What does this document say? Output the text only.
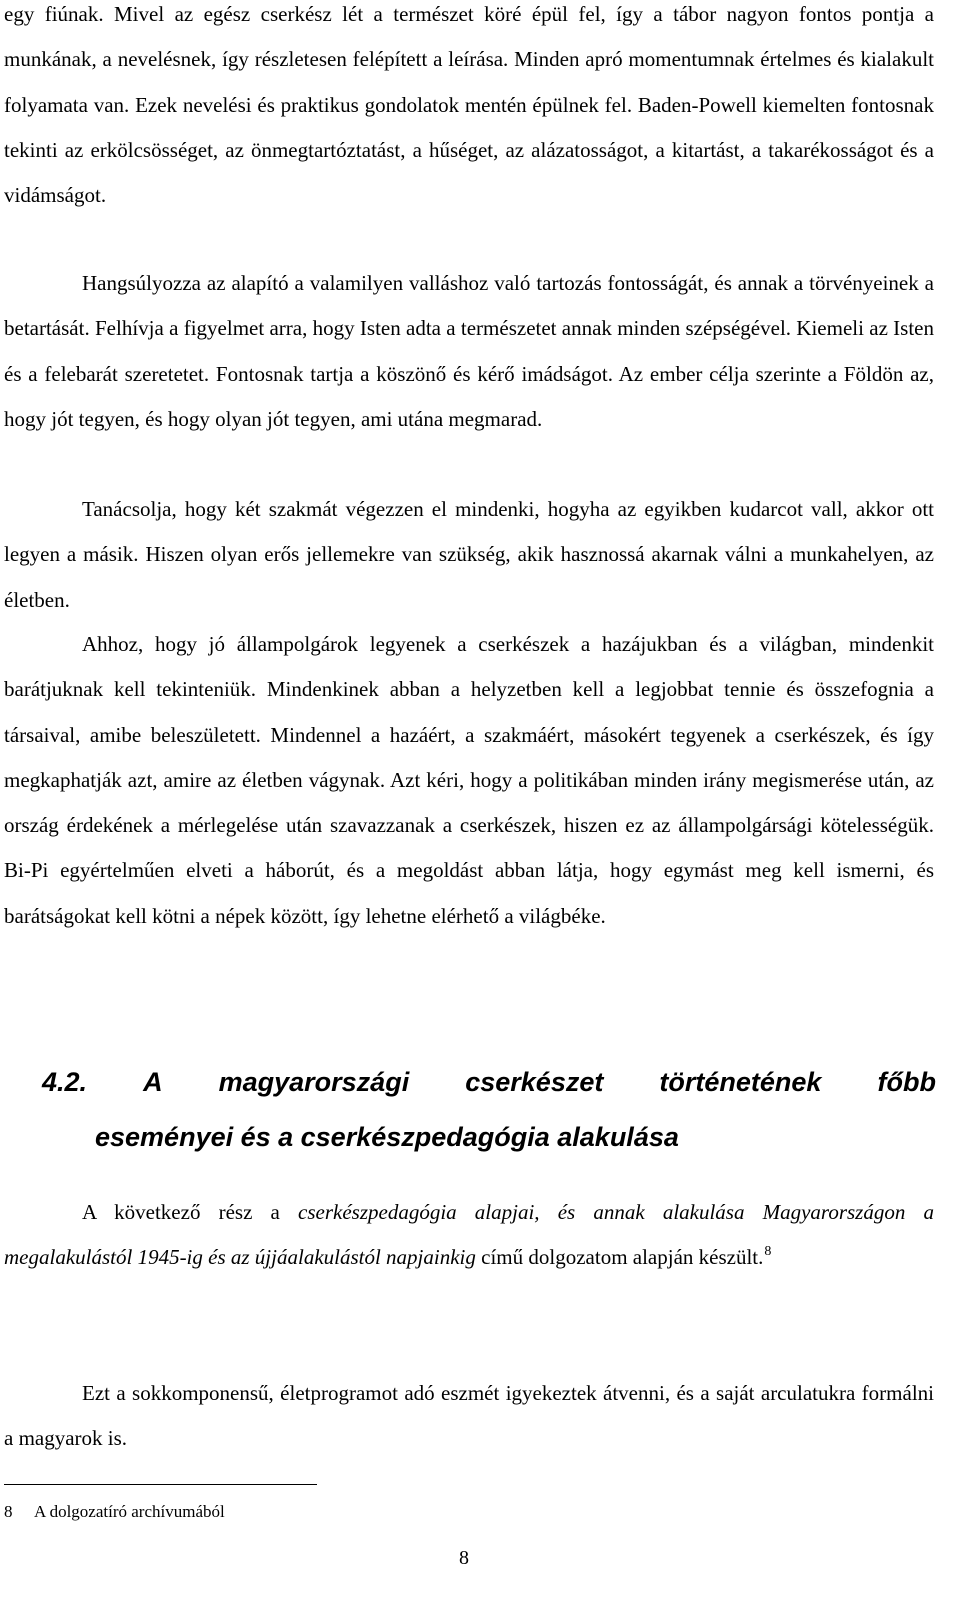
egy fiúnak. Mivel az egész cserkész lét a természet köré épül fel, így a tábor nagyon fontos pontja a munkának, a nevelésnek, így részletesen felépített a leírása. Minden apró momentumnak értelmes és kialakult folyamata van. Ezek nevelési és praktikus gondolatok mentén épülnek fel. Baden-Powell kiemelten fontosnak tekinti az erkölcsösséget, az önmegtartóztatást, a hűséget, az alázatosságot, a kitartást, a takarékosságot és a vidámságot.

Hangsúlyozza az alapító a valamilyen valláshoz való tartozás fontosságát, és annak a törvényeinek a betartását. Felhívja a figyelmet arra, hogy Isten adta a természetet annak minden szépségével. Kiemeli az Isten és a felebarát szeretetet. Fontosnak tartja a köszönő és kérő imádságot. Az ember célja szerinte a Földön az, hogy jót tegyen, és hogy olyan jót tegyen, ami utána megmarad.

Tanácsolja, hogy két szakmát végezzen el mindenki, hogyha az egyikben kudarcot vall, akkor ott legyen a másik. Hiszen olyan erős jellemekre van szükség, akik hasznossá akarnak válni a munkahelyen, az életben.

Ahhoz, hogy jó állampolgárok legyenek a cserkészek a hazájukban és a világban, mindenkit barátjuknak kell tekinteniük. Mindenkinek abban a helyzetben kell a legjobbat tennie és összefognia a társaival, amibe beleszületett. Mindennel a hazáért, a szakmáért, másokért tegyenek a cserkészek, és így megkaphatják azt, amire az életben vágynak. Azt kéri, hogy a politikában minden irány megismerése után, az ország érdekének a mérlegelése után szavazzanak a cserkészek, hiszen ez az állampolgársági kötelességük. Bi-Pi egyértelműen elveti a háborút, és a megoldást abban látja, hogy egymást meg kell ismerni, és barátságokat kell kötni a népek között, így lehetne elérhető a világbéke.

4.2. A magyarországi cserkészet történetének főbb
eseményei és a cserkészpedagógia alakulása

A következő rész a cserkészpedagógia alapjai, és annak alakulása Magyarországon a megalakulástól 1945-ig és az újjáalakulástól napjainkig című dolgozatom alapján készült.$^8$

Ezt a sokkomponensű, életprogramot adó eszmét igyekeztek átvenni, és a saját arculatukra formálni a magyarok is.

8 A dolgozatíró archívumából

8
